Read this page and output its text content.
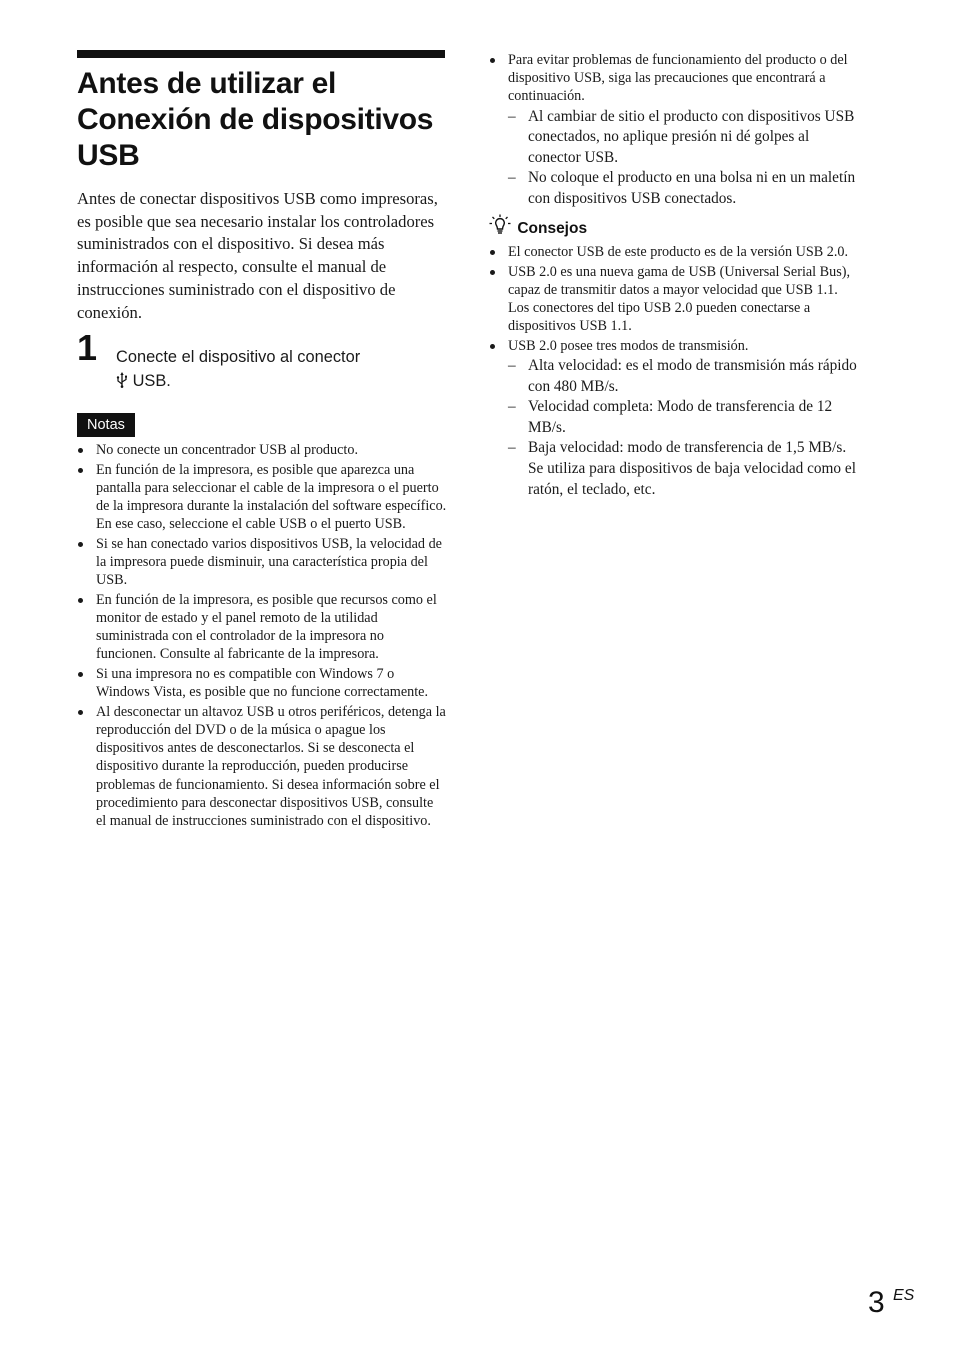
Antes de utilizar el Conexión de dispositivos USB

Antes de conectar dispositivos USB como impresoras, es posible que sea necesario instalar los controladores suministrados con el dispositivo. Si desea más información al respecto, consulte el manual de instrucciones suministrado con el dispositivo de conexión.

1 Conecte el dispositivo al conector
USB.
Notas
No conecte un concentrador USB al producto.
En función de la impresora, es posible que aparezca una pantalla para seleccionar el cable de la impresora o el puerto de la impresora durante la instalación del software específico. En ese caso, seleccione el cable USB o el puerto USB.
Si se han conectado varios dispositivos USB, la velocidad de la impresora puede disminuir, una característica propia del USB.
En función de la impresora, es posible que recursos como el monitor de estado y el panel remoto de la utilidad suministrada con el controlador de la impresora no funcionen. Consulte al fabricante de la impresora.
Si una impresora no es compatible con Windows 7 o Windows Vista, es posible que no funcione correctamente.
Al desconectar un altavoz USB u otros periféricos, detenga la reproducción del DVD o de la música o apague los dispositivos antes de desconectarlos. Si se desconecta el dispositivo durante la reproducción, pueden producirse problemas de funcionamiento. Si desea información sobre el procedimiento para desconectar dispositivos USB, consulte el manual de instrucciones suministrado con el dispositivo.
Para evitar problemas de funcionamiento del producto o del dispositivo USB, siga las precauciones que encontrará a continuación.
– Al cambiar de sitio el producto con dispositivos USB conectados, no aplique presión ni dé golpes al conector USB.
– No coloque el producto en una bolsa ni en un maletín con dispositivos USB conectados.
Consejos
El conector USB de este producto es de la versión USB 2.0.
USB 2.0 es una nueva gama de USB (Universal Serial Bus), capaz de transmitir datos a mayor velocidad que USB 1.1. Los conectores del tipo USB 2.0 pueden conectarse a dispositivos USB 1.1.
USB 2.0 posee tres modos de transmisión.
– Alta velocidad: es el modo de transmisión más rápido con 480 MB/s.
– Velocidad completa: Modo de transferencia de 12 MB/s.
– Baja velocidad: modo de transferencia de 1,5 MB/s. Se utiliza para dispositivos de baja velocidad como el ratón, el teclado, etc.
3 ES
